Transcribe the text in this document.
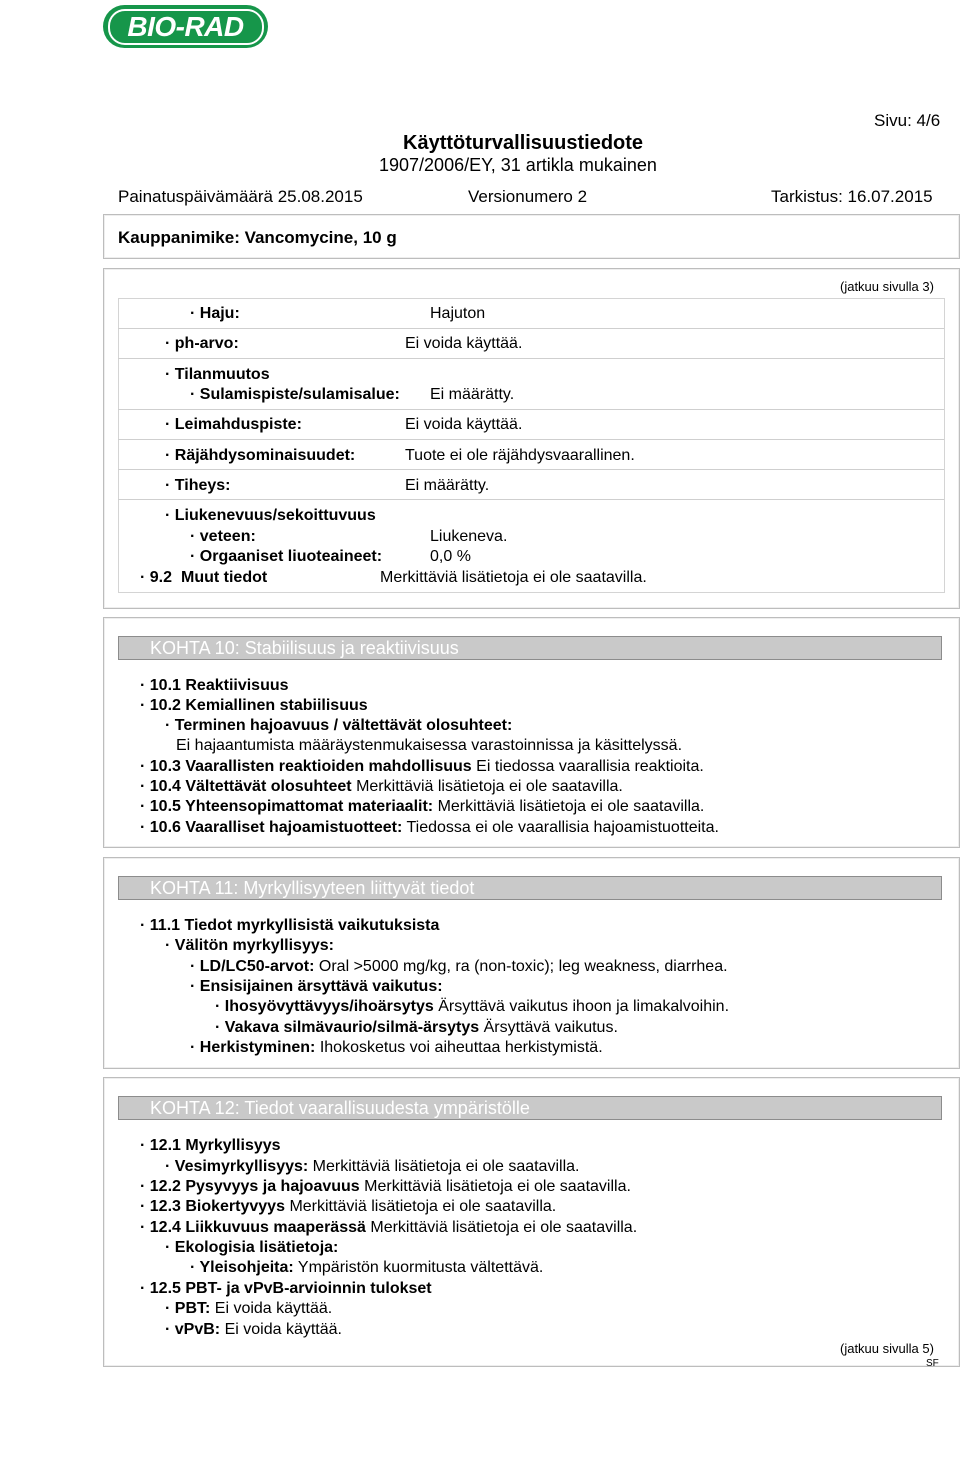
BIO-RAD
Sivu: 4/6
Käyttöturvallisuustiedote
1907/2006/EY, 31 artikla mukainen
Painatuspäivämäärä 25.08.2015	Versionumero 2	Tarkistus: 16.07.2015
Kauppanimike: Vancomycine, 10 g
(jatkuu sivulla 3)
· Haju:	Hajuton
· ph-arvo:	Ei voida käyttää.
· Tilanmuutos
· Sulamispiste/sulamisalue: Ei määrätty.
· Leimahduspiste:	Ei voida käyttää.
· Räjähdysominaisuudet:	Tuote ei ole räjähdysvaarallinen.
· Tiheys:	Ei määrätty.
· Liukenevuus/sekoittuvuus
· veteen:	Liukeneva.
· Orgaaniset liuoteaineet:	0,0 %
· 9.2 Muut tiedot	Merkittäviä lisätietoja ei ole saatavilla.
KOHTA 10: Stabiilisuus ja reaktiivisuus
· 10.1 Reaktiivisuus
· 10.2 Kemiallinen stabiilisuus
· Terminen hajoavuus / vältettävät olosuhteet:
Ei hajaantumista määräystenmukaisessa varastoinnissa ja käsittelyssä.
· 10.3 Vaarallisten reaktioiden mahdollisuus Ei tiedossa vaarallisia reaktioita.
· 10.4 Vältettävät olosuhteet Merkittäviä lisätietoja ei ole saatavilla.
· 10.5 Yhteensopimattomat materiaalit: Merkittäviä lisätietoja ei ole saatavilla.
· 10.6 Vaaralliset hajoamistuotteet: Tiedossa ei ole vaarallisia hajoamistuotteita.
KOHTA 11: Myrkyllisyyteen liittyvät tiedot
· 11.1 Tiedot myrkyllisistä vaikutuksista
· Välitön myrkyllisyys:
· LD/LC50-arvot: Oral >5000 mg/kg, ra (non-toxic); leg weakness, diarrhea.
· Ensisijainen ärsyttävä vaikutus:
· Ihosyövyttävyys/ihoärsytys Ärsyttävä vaikutus ihoon ja limakalvoihin.
· Vakava silmävaurio/silmä-ärsytys Ärsyttävä vaikutus.
· Herkistyminen: Ihokosketus voi aiheuttaa herkistymistä.
KOHTA 12: Tiedot vaarallisuudesta ympäristölle
· 12.1 Myrkyllisyys
· Vesimyrkyllisyys: Merkittäviä lisätietoja ei ole saatavilla.
· 12.2 Pysyvyys ja hajoavuus Merkittäviä lisätietoja ei ole saatavilla.
· 12.3 Biokertyvyys Merkittäviä lisätietoja ei ole saatavilla.
· 12.4 Liikkuvuus maaperässä Merkittäviä lisätietoja ei ole saatavilla.
· Ekologisia lisätietoja:
· Yleisohjeita: Ympäristön kuormitusta vältettävä.
· 12.5 PBT- ja vPvB-arvioinnin tulokset
· PBT: Ei voida käyttää.
· vPvB: Ei voida käyttää.
(jatkuu sivulla 5)
SF
